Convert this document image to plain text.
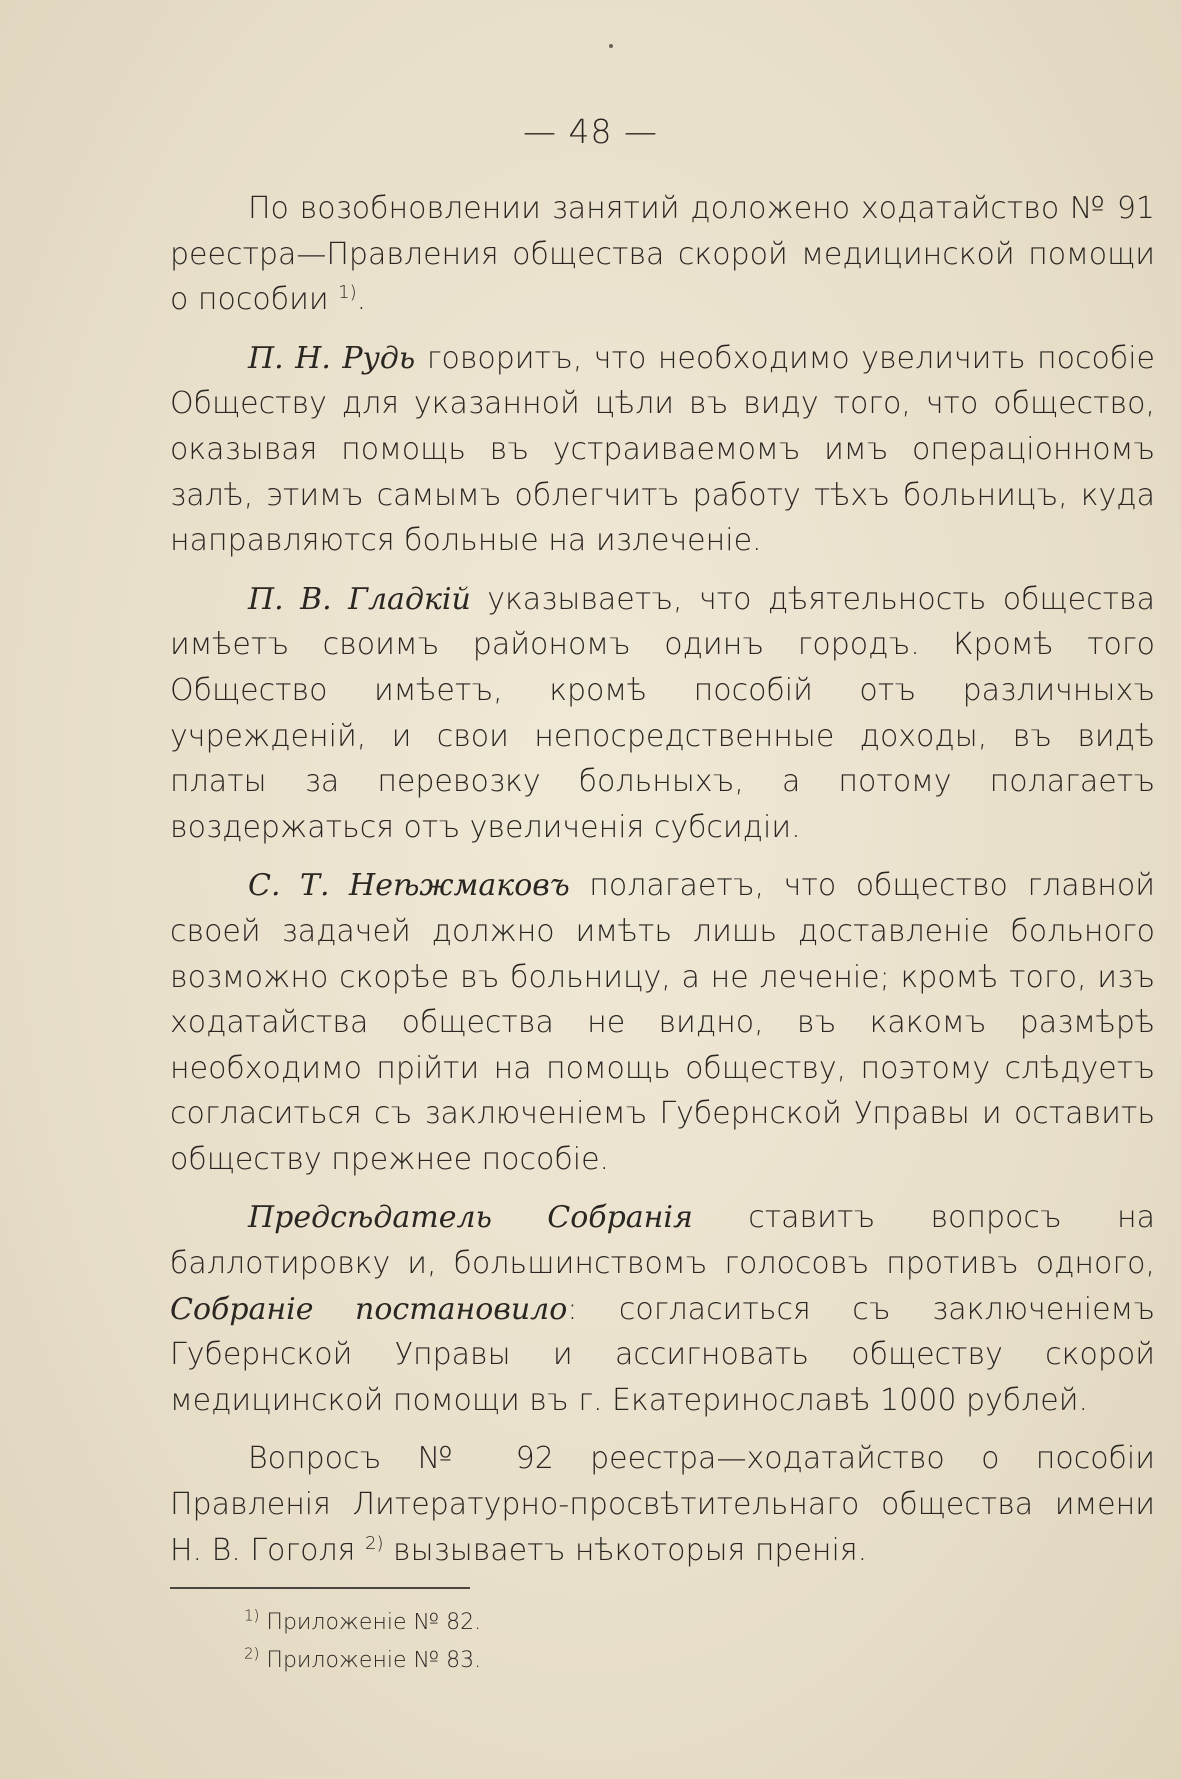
— 48 —

По возобновлении занятий доложено ходатайство № 91 реестра—Правления общества скорой медицинской помощи о пособии $^{1)}$.

П. Н. Рудь говоритъ, что необходимо увеличить пособіе Обществу для указанной цѣли въ виду того, что общество, оказывая помощь въ устраиваемомъ имъ операціонномъ залѣ, этимъ самымъ облегчитъ работу тѣхъ больницъ, куда направляются больные на излеченіе.

П. В. Гладкій указываетъ, что дѣятельность общества имѣетъ своимъ районoмъ одинъ городъ. Кромѣ того Общество имѣетъ, кромѣ пособій отъ различныхъ учрежденій, и свои непосредственные доходы, въ видѣ платы за перевозку больныхъ, а потому полагаетъ воздержаться отъ увеличенія субсидіи.

С. Т. Неѣжмаковъ полагаетъ, что общество главной своей задачей должно имѣть лишь доставленіе больного возможно скорѣе въ больницу, а не леченіе; кромѣ того, изъ ходатайства общества не видно, въ какомъ размѣрѣ необходимо прійти на помощь обществу, поэтому слѣдуетъ согласиться съ заключеніемъ Губернской Управы и оставить обществу прежнее пособіе.

Предсѣдатель Собранія ставитъ вопросъ на баллотировку и, большинствомъ голосовъ противъ одного, Собраніе постановило: согласиться съ заключеніемъ Губернской Управы и ассигновать обществу скорой медицинской помощи въ г. Екатеринославѣ 1000 рублей.

Вопросъ № 92 реестра—ходатайство о пособіи Правленія Литературно-просвѣтительнаго общества имени Н. В. Гоголя $^{2)}$ вызываетъ нѣкоторыя пренія.

$^{1)}$ Приложеніе № 82.
$^{2)}$ Приложеніе № 83.
